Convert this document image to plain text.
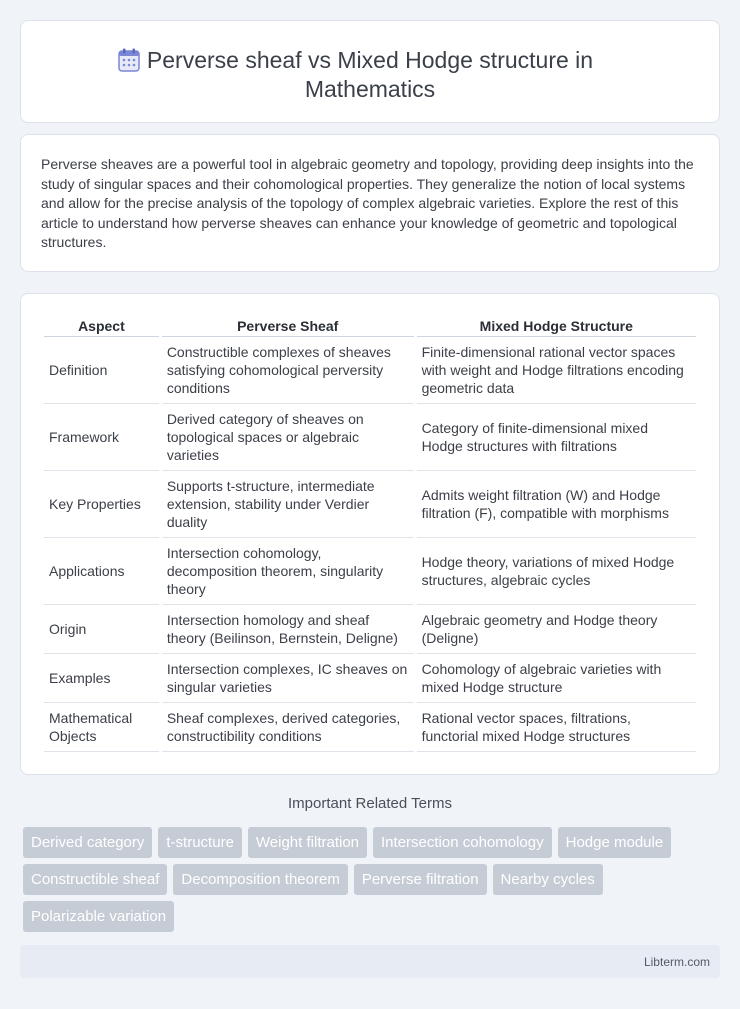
Perverse sheaf vs Mixed Hodge structure in
Mathematics

Perverse sheaves are a powerful tool in algebraic geometry and topology, providing deep insights into the study of singular spaces and their cohomological properties. They generalize the notion of local systems and allow for the precise analysis of the topology of complex algebraic varieties. Explore the rest of this article to understand how perverse sheaves can enhance your knowledge of geometric and topological structures.

Aspect	Perverse Sheaf	Mixed Hodge Structure
Definition	Constructible complexes of sheaves satisfying cohomological perversity conditions	Finite-dimensional rational vector spaces with weight and Hodge filtrations encoding geometric data
Framework	Derived category of sheaves on topological spaces or algebraic varieties	Category of finite-dimensional mixed Hodge structures with filtrations
Key Properties	Supports t-structure, intermediate extension, stability under Verdier duality	Admits weight filtration (W) and Hodge filtration (F), compatible with morphisms
Applications	Intersection cohomology, decomposition theorem, singularity theory	Hodge theory, variations of mixed Hodge structures, algebraic cycles
Origin	Intersection homology and sheaf theory (Beilinson, Bernstein, Deligne)	Algebraic geometry and Hodge theory (Deligne)
Examples	Intersection complexes, IC sheaves on singular varieties	Cohomology of algebraic varieties with mixed Hodge structure
Mathematical Objects	Sheaf complexes, derived categories, constructibility conditions	Rational vector spaces, filtrations, functorial mixed Hodge structures
Important Related Terms
Derived category	t-structure	Weight filtration	Intersection cohomology	Hodge module
Constructible sheaf	Decomposition theorem	Perverse filtration	Nearby cycles
Polarizable variation
Libterm.com
